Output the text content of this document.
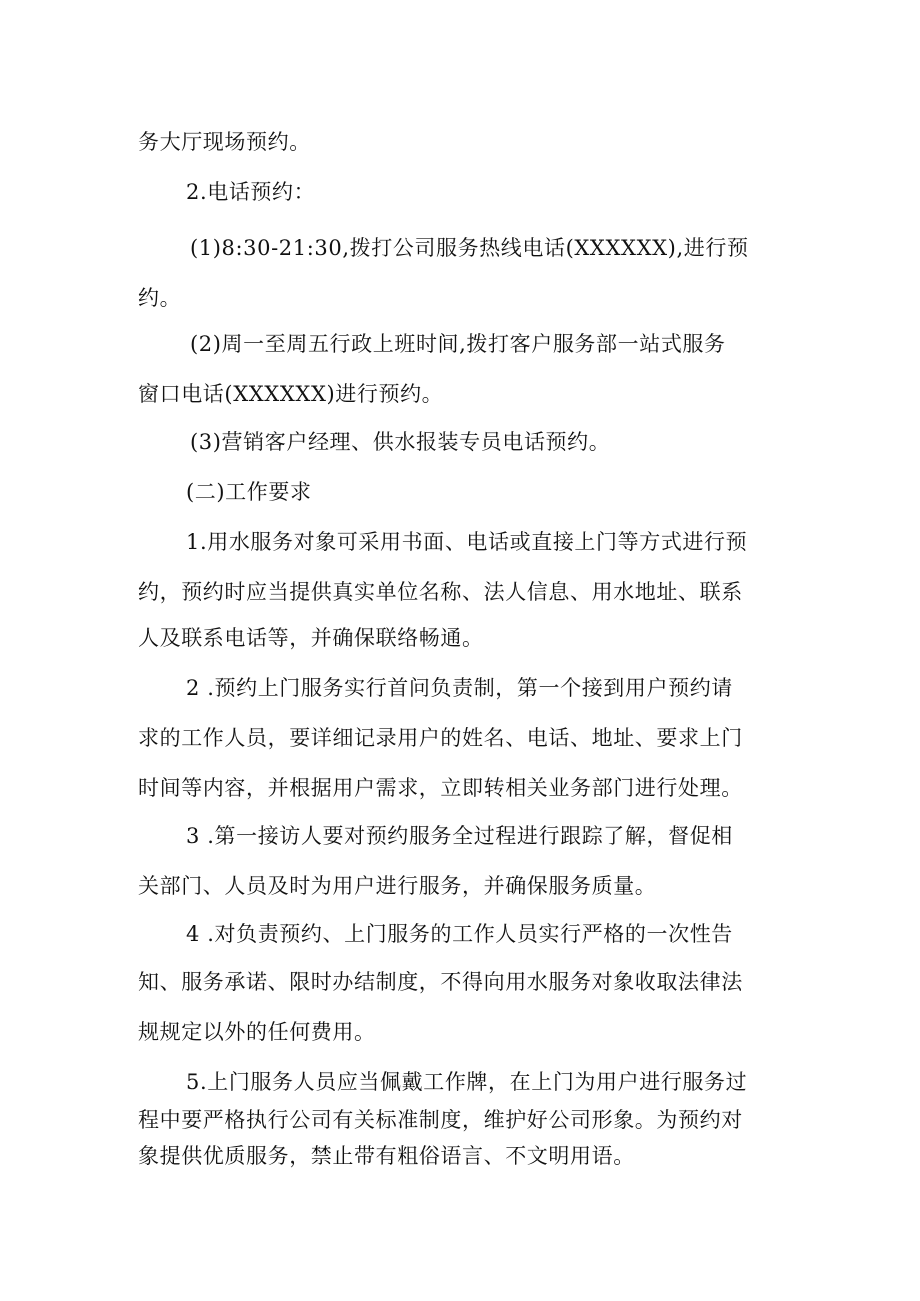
务大厅现场预约。
2.电话预约：
(1)8:30-21:30,拨打公司服务热线电话(XXXXXX),进行预
约。
(2)周一至周五行政上班时间,拨打客户服务部一站式服务
窗口电话(XXXXXX)进行预约。
(3)营销客户经理、供水报装专员电话预约。
(二)工作要求
1.用水服务对象可采用书面、电话或直接上门等方式进行预
约，预约时应当提供真实单位名称、法人信息、用水地址、联系
人及联系电话等，并确保联络畅通。
2 .预约上门服务实行首问负责制，第一个接到用户预约请
求的工作人员，要详细记录用户的姓名、电话、地址、要求上门
时间等内容，并根据用户需求，立即转相关业务部门进行处理。
3 .第一接访人要对预约服务全过程进行跟踪了解，督促相
关部门、人员及时为用户进行服务，并确保服务质量。
4 .对负责预约、上门服务的工作人员实行严格的一次性告
知、服务承诺、限时办结制度，不得向用水服务对象收取法律法
规规定以外的任何费用。
5.上门服务人员应当佩戴工作牌，在上门为用户进行服务过
程中要严格执行公司有关标准制度，维护好公司形象。为预约对
象提供优质服务，禁止带有粗俗语言、不文明用语。
